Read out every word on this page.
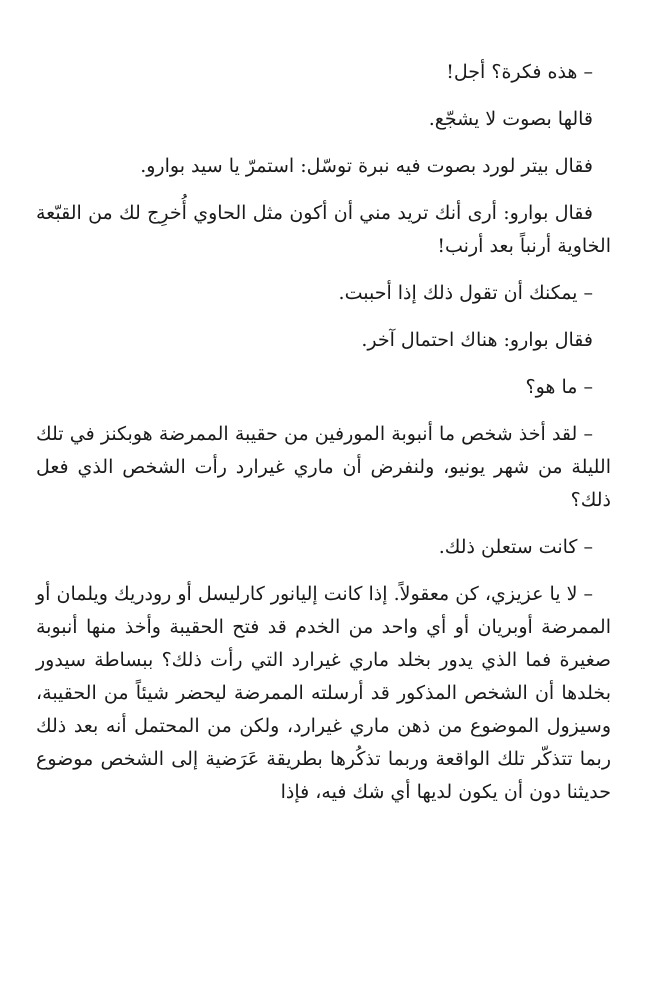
– هذه فكرة؟ أجل!

قالها بصوت لا يشجّع.

فقال بيتر لورد بصوت فيه نبرة توسّل: استمرّ يا سيد بوارو.

فقال بوارو: أرى أنك تريد مني أن أكون مثل الحاوي أُخرِج لك من القبّعة الخاوية أرنباً بعد أرنب!

– يمكنك أن تقول ذلك إذا أحببت.

فقال بوارو: هناك احتمال آخر.

– ما هو؟

– لقد أخذ شخص ما أنبوبة المورفين من حقيبة الممرضة هوبكنز في تلك الليلة من شهر يونيو، ولنفرض أن ماري غيرارد رأت الشخص الذي فعل ذلك؟

– كانت ستعلن ذلك.

– لا يا عزيزي، كن معقولاً. إذا كانت إليانور كارليسل أو رودريك ويلمان أو الممرضة أوبريان أو أي واحد من الخدم قد فتح الحقيبة وأخذ منها أنبوبة صغيرة فما الذي يدور بخلد ماري غيرارد التي رأت ذلك؟ ببساطة سيدور بخلدها أن الشخص المذكور قد أرسلته الممرضة ليحضر شيئاً من الحقيبة، وسيزول الموضوع من ذهن ماري غيرارد، ولكن من المحتمل أنه بعد ذلك ربما تتذكّر تلك الواقعة وربما تذكُرها بطريقة عَرَضية إلى الشخص موضوع حديثنا دون أن يكون لديها أي شك فيه، فإذا
